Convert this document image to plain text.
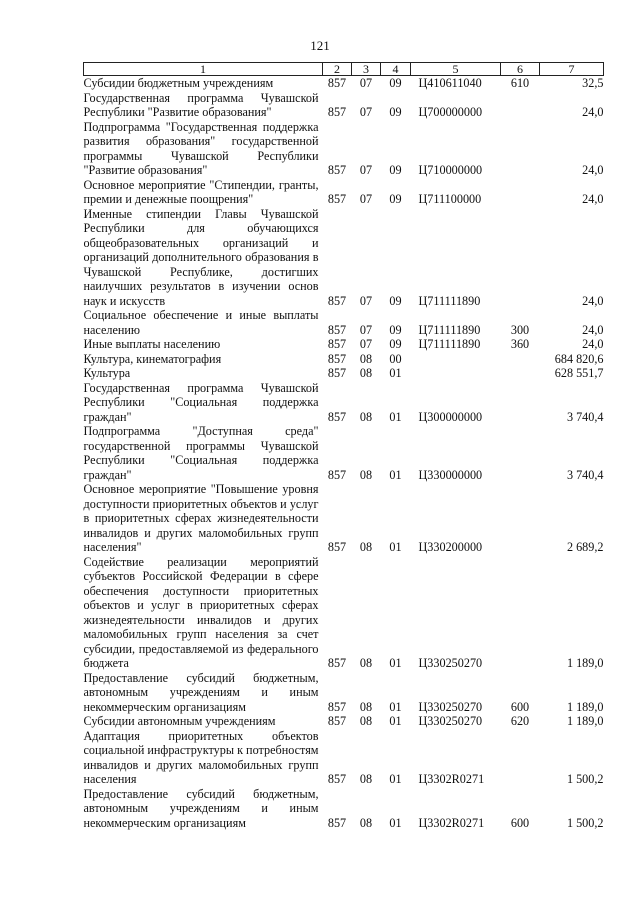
121
1	2	3	4	5	6	7
Субсидии бюджетным учреждениям	857	07	09	Ц410611040	610	32,5
Государственная программа Чувашской Республики "Развитие образования"	857	07	09	Ц700000000		24,0
Подпрограмма "Государственная поддержка развития образования" государственной программы Чувашской Республики "Развитие образования"	857	07	09	Ц710000000		24,0
Основное мероприятие "Стипендии, гранты, премии и денежные поощрения"	857	07	09	Ц711100000		24,0
Именные стипендии Главы Чувашской Республики для обучающихся общеобразовательных организаций и организаций дополнительного образования в Чувашской Республике, достигших наилучших результатов в изучении основ наук и искусств	857	07	09	Ц711111890		24,0
Социальное обеспечение и иные выплаты населению	857	07	09	Ц711111890	300	24,0
Иные выплаты населению	857	07	09	Ц711111890	360	24,0
Культура, кинематография	857	08	00			684 820,6
Культура	857	08	01			628 551,7
Государственная программа Чувашской Республики "Социальная поддержка граждан"	857	08	01	Ц300000000		3 740,4
Подпрограмма "Доступная среда" государственной программы Чувашской Республики "Социальная поддержка граждан"	857	08	01	Ц330000000		3 740,4
Основное мероприятие "Повышение уровня доступности приоритетных объектов и услуг в приоритетных сферах жизнедеятельности инвалидов и других маломобильных групп населения"	857	08	01	Ц330200000		2 689,2
Содействие реализации мероприятий субъектов Российской Федерации в сфере обеспечения доступности приоритетных объектов и услуг в приоритетных сферах жизнедеятельности инвалидов и других маломобильных групп населения за счет субсидии, предоставляемой из федерального бюджета	857	08	01	Ц330250270		1 189,0
Предоставление субсидий бюджетным, автономным учреждениям и иным некоммерческим организациям	857	08	01	Ц330250270	600	1 189,0
Субсидии автономным учреждениям	857	08	01	Ц330250270	620	1 189,0
Адаптация приоритетных объектов социальной инфраструктуры к потребностям инвалидов и других маломобильных групп населения	857	08	01	Ц3302R0271		1 500,2
Предоставление субсидий бюджетным, автономным учреждениям и иным некоммерческим организациям	857	08	01	Ц3302R0271	600	1 500,2
